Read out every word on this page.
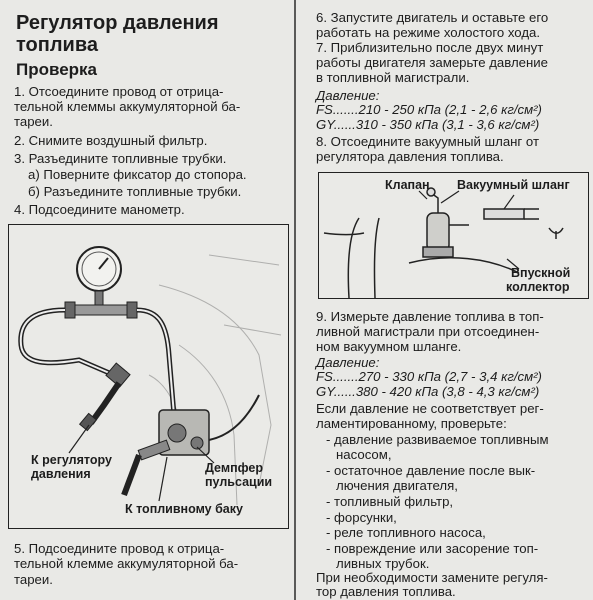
Регулятор давления
топлива
Проверка
1. Отсоедините провод от отрица-
тельной клеммы аккумуляторной ба-
тареи.
2. Снимите воздушный фильтр.
3. Разъедините топливные трубки.
а) Поверните фиксатор до стопора.
б) Разъедините топливные трубки.
4. Подсоедините манометр.
К регулятору
давления	Демпфер
пульсации
К топливному баку
5. Подсоедините провод к отрица-
тельной клемме аккумуляторной ба-
тареи.
6. Запустите двигатель и оставьте его
работать на режиме холостого хода.
7. Приблизительно после двух минут
работы двигателя замерьте давление
в топливной магистрали.
Давление:
FS.......210 - 250 кПа (2,1 - 2,6 кг/см²)
GY......310 - 350 кПа (3,1 - 3,6 кг/см²)
8. Отсоедините вакуумный шланг от
регулятора давления топлива.
Клапан Вакуумный шланг
Впускной
коллектор
9. Измерьте давление топлива в топ-
ливной магистрали при отсоединен-
ном вакуумном шланге.
Давление:
FS.......270 - 330 кПа (2,7 - 3,4 кг/см²)
GY......380 - 420 кПа (3,8 - 4,3 кг/см²)
Если давление не соответствует рег-
ламентированному, проверьте:
- давление развиваемое топливным
насосом,
- остаточное давление после вык-
лючения двигателя,
- топливный фильтр,
- форсунки,
- реле топливного насоса,
- повреждение или засорение топ-
ливных трубок.
При необходимости замените регуля-
тор давления топлива.
